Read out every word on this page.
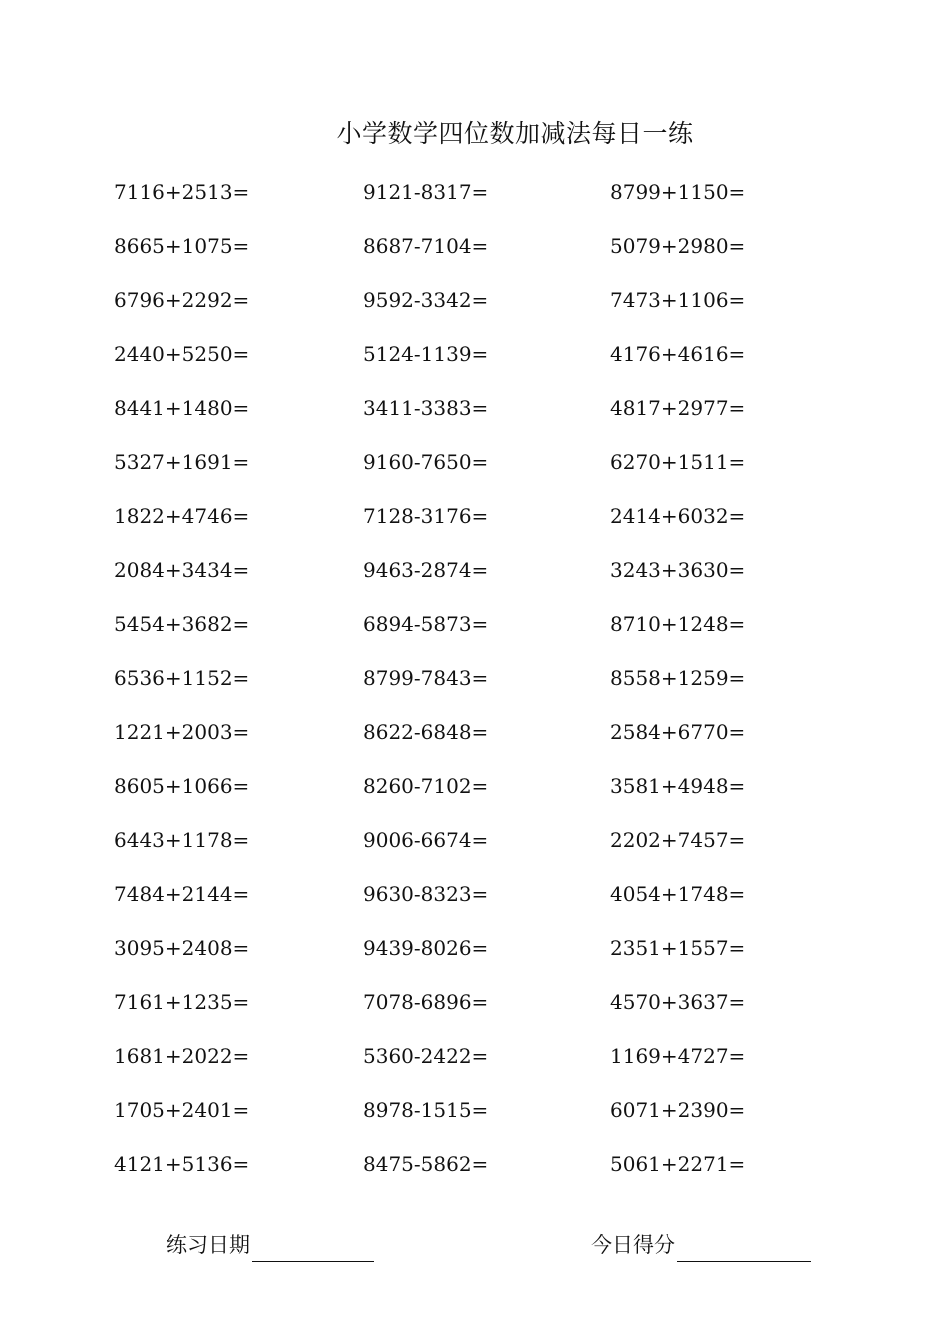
小学数学四位数加减法每日一练
7116+2513=	9121-8317=	8799+1150=
8665+1075=	8687-7104=	5079+2980=
6796+2292=	9592-3342=	7473+1106=
2440+5250=	5124-1139=	4176+4616=
8441+1480=	3411-3383=	4817+2977=
5327+1691=	9160-7650=	6270+1511=
1822+4746=	7128-3176=	2414+6032=
2084+3434=	9463-2874=	3243+3630=
5454+3682=	6894-5873=	8710+1248=
6536+1152=	8799-7843=	8558+1259=
1221+2003=	8622-6848=	2584+6770=
8605+1066=	8260-7102=	3581+4948=
6443+1178=	9006-6674=	2202+7457=
7484+2144=	9630-8323=	4054+1748=
3095+2408=	9439-8026=	2351+1557=
7161+1235=	7078-6896=	4570+3637=
1681+2022=	5360-2422=	1169+4727=
1705+2401=	8978-1515=	6071+2390=
4121+5136=	8475-5862=	5061+2271=
练习日期	今日得分
